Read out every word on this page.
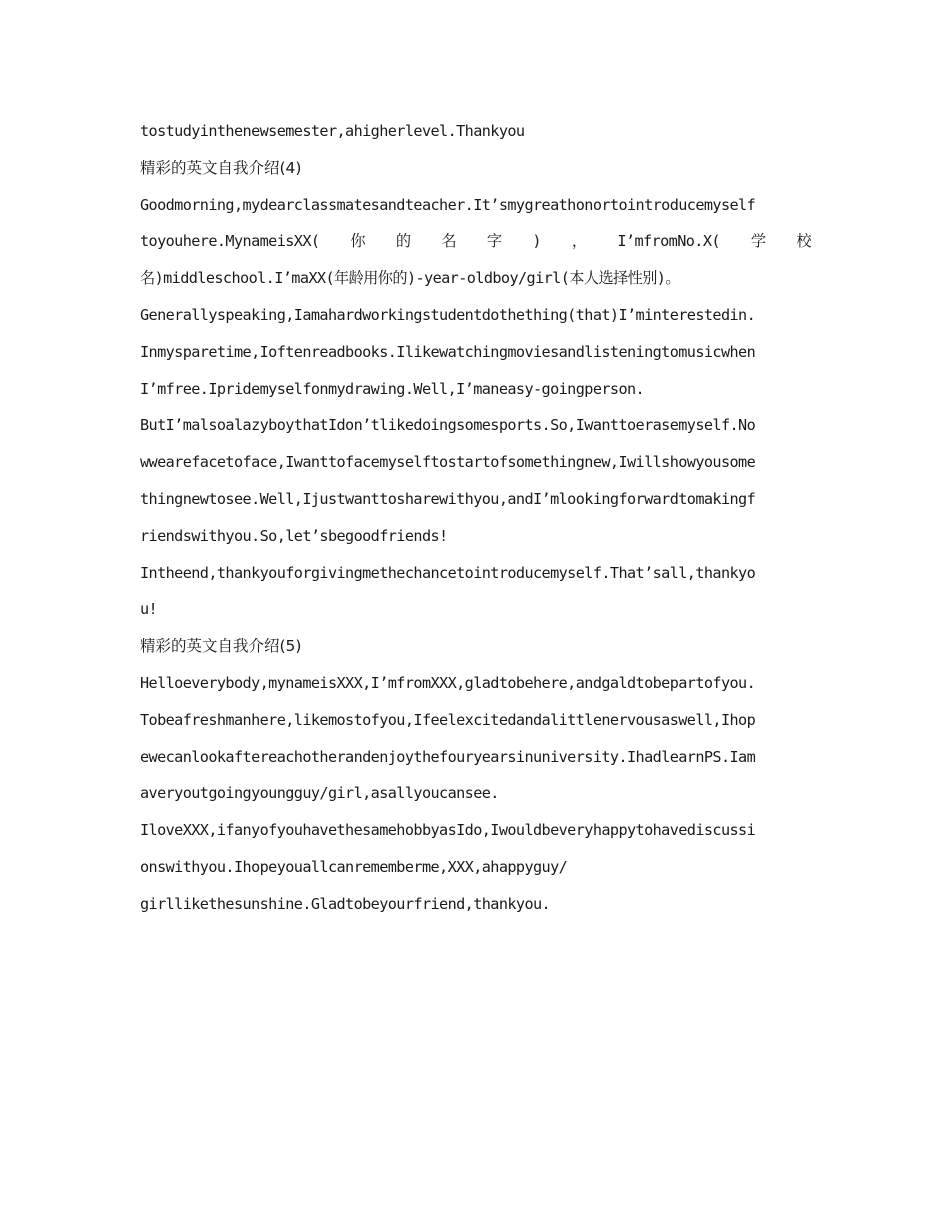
tostudyinthenewsemester,ahigherlevel.Thankyou
精彩的英文自我介绍(4)
Goodmorning,mydearclassmatesandteacher.It’smygreathonortointroducemyself
toyouhere.MynameisXX( 你 的 名 字 ) ， I’mfromNo.X( 学 校
名)middleschool.I’maXX(年龄用你的)-year-oldboy/girl(本人选择性别)。
Generallyspeaking,Iamahardworkingstudentdothething(that)I’minterestedin.
Inmysparetime,Ioftenreadbooks.Ilikewatchingmoviesandlisteningtomusicwhen
I’mfree.Ipridemyselfonmydrawing.Well,I’maneasy-goingperson.
ButI’malsoalazyboythatIdon’tlikedoingsomesports.So,Iwanttoerasemyself.No
wwearefacetoface,Iwanttofacemyselftostartofsomethingnew,Iwillshowyousome
thingnewtosee.Well,Ijustwanttosharewithyou,andI’mlookingforwardtomakingf
riendswithyou.So,let’sbegoodfriends!
Intheend,thankyouforgivingmethechancetointroducemyself.That’sall,thankyo
u!
精彩的英文自我介绍(5)
Helloeverybody,mynameisXXX,I’mfromXXX,gladtobehere,andgaldtobepartofyou.
Tobeafreshmanhere,likemostofyou,Ifeelexcitedandalittlenervousaswell,Ihop
ewecanlookaftereachotherandenjoythefouryearsinuniversity.IhadlearnPS.Iam
averyoutgoingyoungguy/girl,asallyoucansee.
IloveXXX,ifanyofyouhavethesamehobbyasIdo,Iwouldbeveryhappytohavediscussi
onswithyou.Ihopeyouallcanrememberme,XXX,ahappyguy/
girllikethesunshine.Gladtobeyourfriend,thankyou.
